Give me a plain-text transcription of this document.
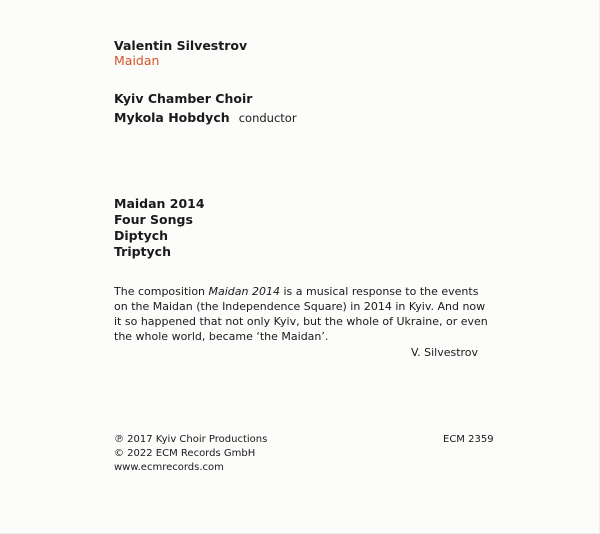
Valentin Silvestrov
Maidan
Kyiv Chamber Choir
Mykola Hobdych conductor
Maidan 2014
Four Songs
Diptych
Triptych
The composition Maidan 2014 is a musical response to the events
on the Maidan (the Independence Square) in 2014 in Kyiv. And now
it so happened that not only Kyiv, but the whole of Ukraine, or even
the whole world, became ‘the Maidan’.
V. Silvestrov
℗ 2017 Kyiv Choir Productions
© 2022 ECM Records GmbH
www.ecmrecords.com
ECM 2359
